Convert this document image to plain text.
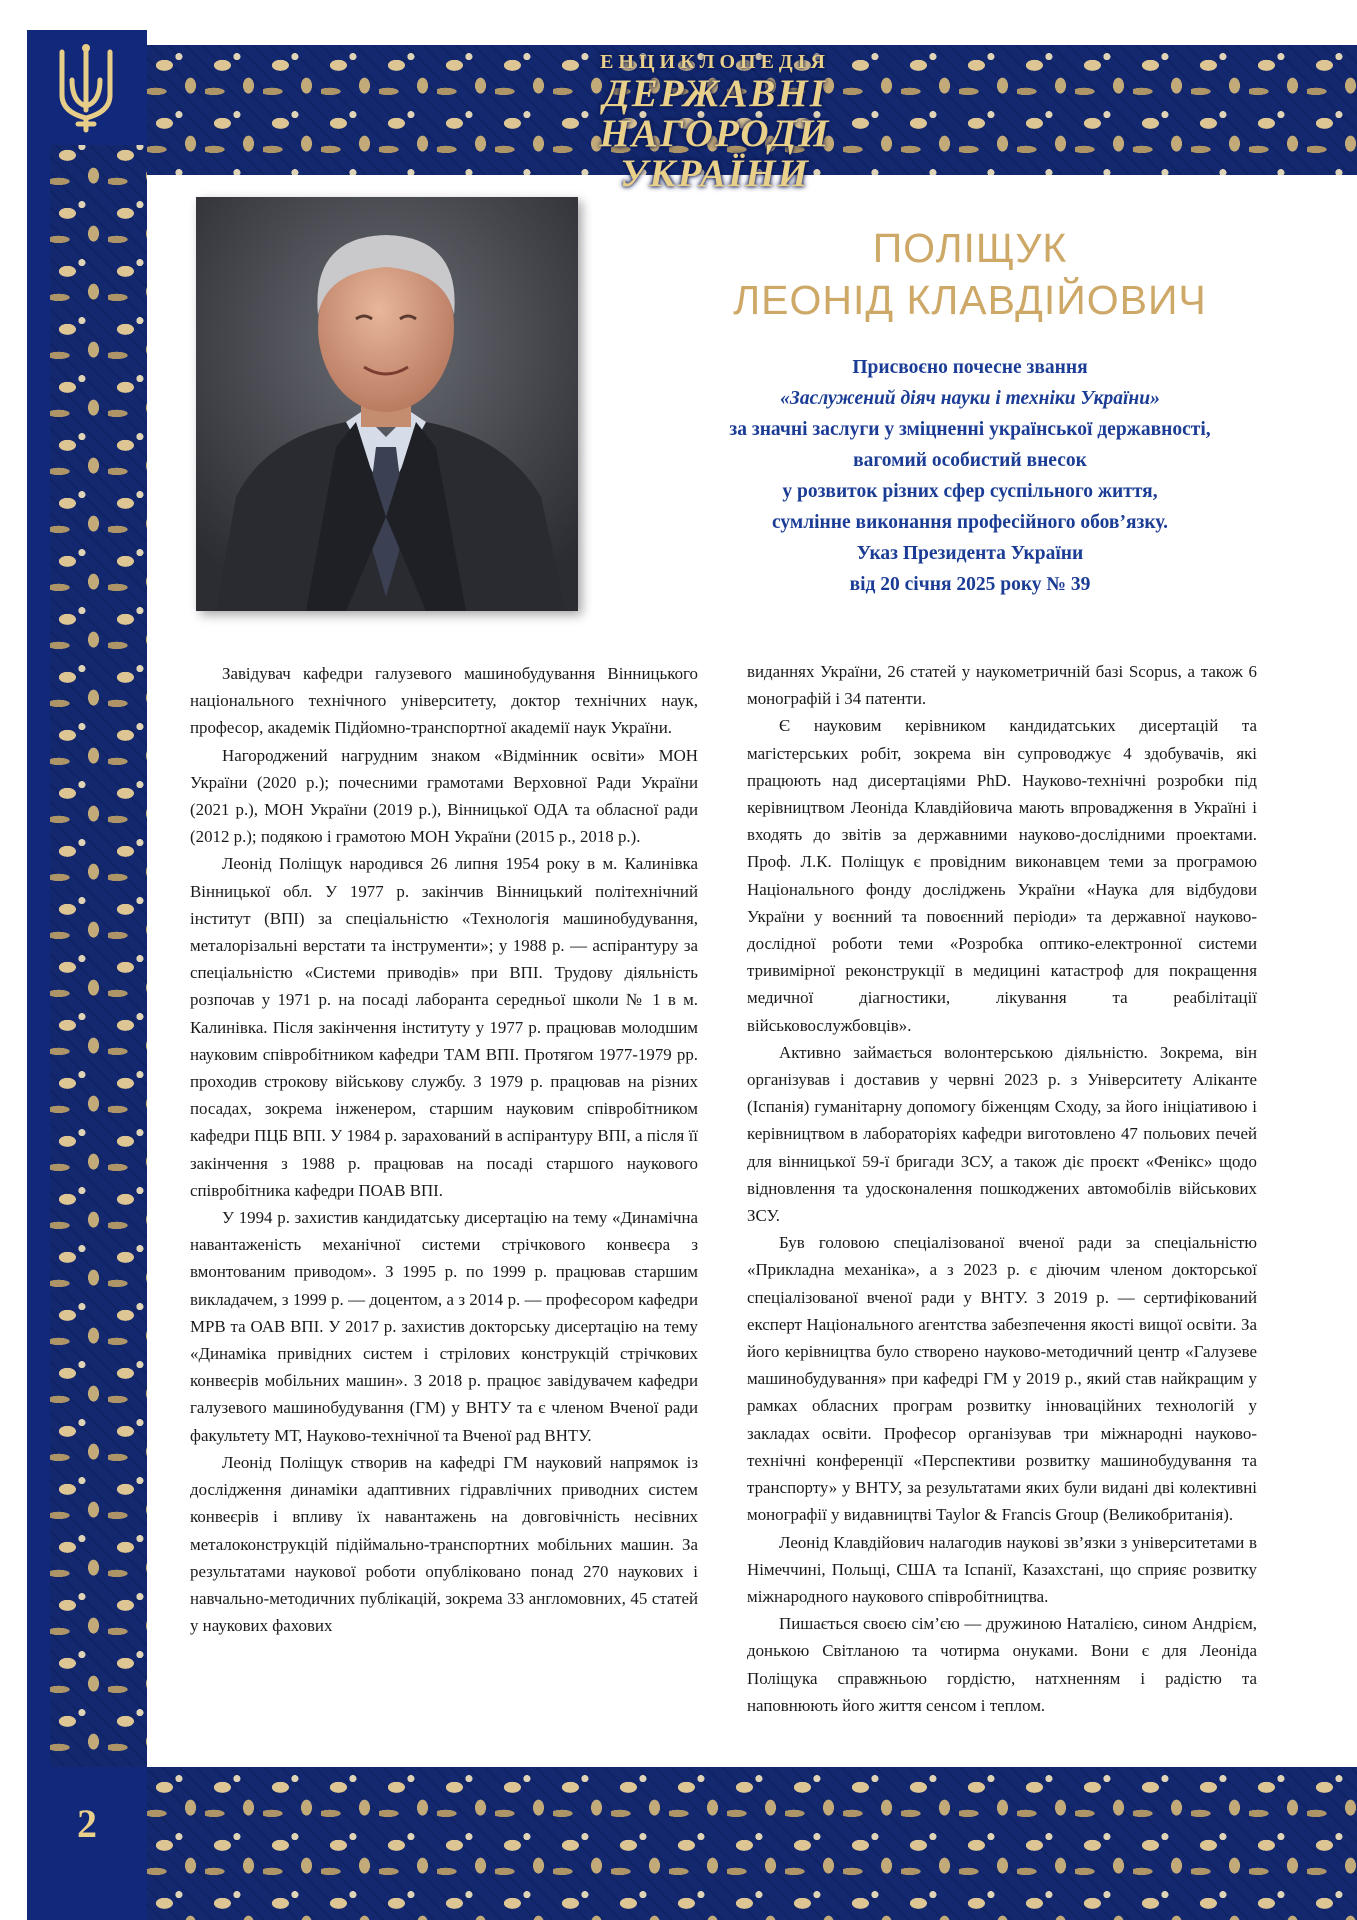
ЕНЦИКЛОПЕДІЯ
ДЕРЖАВНІ НАГОРОДИ
УКРАЇНИ
2
ПОЛІЩУК
ЛЕОНІД КЛАВДІЙОВИЧ
Присвоєно почесне звання
«Заслужений діяч науки і техніки України»
за значні заслуги у зміцненні української державності,
вагомий особистий внесок
у розвиток різних сфер суспільного життя,
сумлінне виконання професійного обов’язку.
Указ Президента України
від 20 січня 2025 року № 39

Завідувач кафедри галузевого машинобудування Вінницького національного технічного університету, доктор технічних наук, професор, академік Підйомно-транспортної академії наук України.

Нагороджений нагрудним знаком «Відмінник освіти» МОН України (2020 р.); почесними грамотами Верховної Ради України (2021 р.), МОН України (2019 р.), Вінницької ОДА та обласної ради (2012 р.); подякою і грамотою МОН України (2015 р., 2018 р.).

Леонід Поліщук народився 26 липня 1954 року в м. Калинівка Вінницької обл. У 1977 р. закінчив Вінницький політехнічний інститут (ВПІ) за спеціальністю «Технологія машинобудування, металорізальні верстати та інструменти»; у 1988 р. — аспірантуру за спеціальністю «Системи приводів» при ВПІ. Трудову діяльність розпочав у 1971 р. на посаді лаборанта середньої школи № 1 в м. Калинівка. Після закінчення інституту у 1977 р. працював молодшим науковим співробітником кафедри ТАМ ВПІ. Протягом 1977-1979 рр. проходив строкову військову службу. З 1979 р. працював на різних посадах, зокрема інженером, старшим науковим співробітником кафедри ПЦБ ВПІ. У 1984 р. зарахований в аспірантуру ВПІ, а після її закінчення з 1988 р. працював на посаді старшого наукового співробітника кафедри ПОАВ ВПІ.

У 1994 р. захистив кандидатську дисертацію на тему «Динамічна навантаженість механічної системи стрічкового конвеєра з вмонтованим приводом». З 1995 р. по 1999 р. працював старшим викладачем, з 1999 р. — доцентом, а з 2014 р. — професором кафедри МРВ та ОАВ ВПІ. У 2017 р. захистив докторську дисертацію на тему «Динаміка привідних систем і стрілових конструкцій стрічкових конвеєрів мобільних машин». З 2018 р. працює завідувачем кафедри галузевого машинобудування (ГМ) у ВНТУ та є членом Вченої ради факультету МТ, Науково-технічної та Вченої рад ВНТУ.

Леонід Поліщук створив на кафедрі ГМ науковий напрямок із дослідження динаміки адаптивних гідравлічних приводних систем конвеєрів і впливу їх навантажень на довговічність несівних металоконструкцій підіймально-транспортних мобільних машин. За результатами наукової роботи опубліковано понад 270 наукових і навчально-методичних публікацій, зокрема 33 англомовних, 45 статей у наукових фахових

виданнях України, 26 статей у наукометричній базі Scopus, а також 6 монографій і 34 патенти.

Є науковим керівником кандидатських дисертацій та магістерських робіт, зокрема він супроводжує 4 здобувачів, які працюють над дисертаціями PhD. Науково-технічні розробки під керівництвом Леоніда Клавдійовича мають впровадження в Україні і входять до звітів за державними науково-дослідними проектами. Проф. Л.К. Поліщук є провідним виконавцем теми за програмою Національного фонду досліджень України «Наука для відбудови України у воєнний та повоєнний періоди» та державної науково-дослідної роботи теми «Розробка оптико-електронної системи тривимірної реконструкції в медицині катастроф для покращення медичної діагностики, лікування та реабілітації військовослужбовців».

Активно займається волонтерською діяльністю. Зокрема, він організував і доставив у червні 2023 р. з Університету Аліканте (Іспанія) гуманітарну допомогу біженцям Сходу, за його ініціативою і керівництвом в лабораторіях кафедри виготовлено 47 польових печей для вінницької 59-ї бригади ЗСУ, а також діє проєкт «Фенікс» щодо відновлення та удосконалення пошкоджених автомобілів військових ЗСУ.

Був головою спеціалізованої вченої ради за спеціальністю «Прикладна механіка», а з 2023 р. є діючим членом докторської спеціалізованої вченої ради у ВНТУ. З 2019 р. — сертифікований експерт Національного агентства забезпечення якості вищої освіти. За його керівництва було створено науково-методичний центр «Галузеве машинобудування» при кафедрі ГМ у 2019 р., який став найкращим у рамках обласних програм розвитку інноваційних технологій у закладах освіти. Професор організував три міжнародні науково-технічні конференції «Перспективи розвитку машинобудування та транспорту» у ВНТУ, за результатами яких були видані дві колективні монографії у видавництві Taylor & Francis Group (Великобританія).

Леонід Клавдійович налагодив наукові зв’язки з університетами в Німеччині, Польщі, США та Іспанії, Казахстані, що сприяє розвитку міжнародного наукового співробітництва.

Пишається своєю сім’єю — дружиною Наталією, сином Андрієм, донькою Світланою та чотирма онуками. Вони є для Леоніда Поліщука справжньою гордістю, натхненням і радістю та наповнюють його життя сенсом і теплом.
